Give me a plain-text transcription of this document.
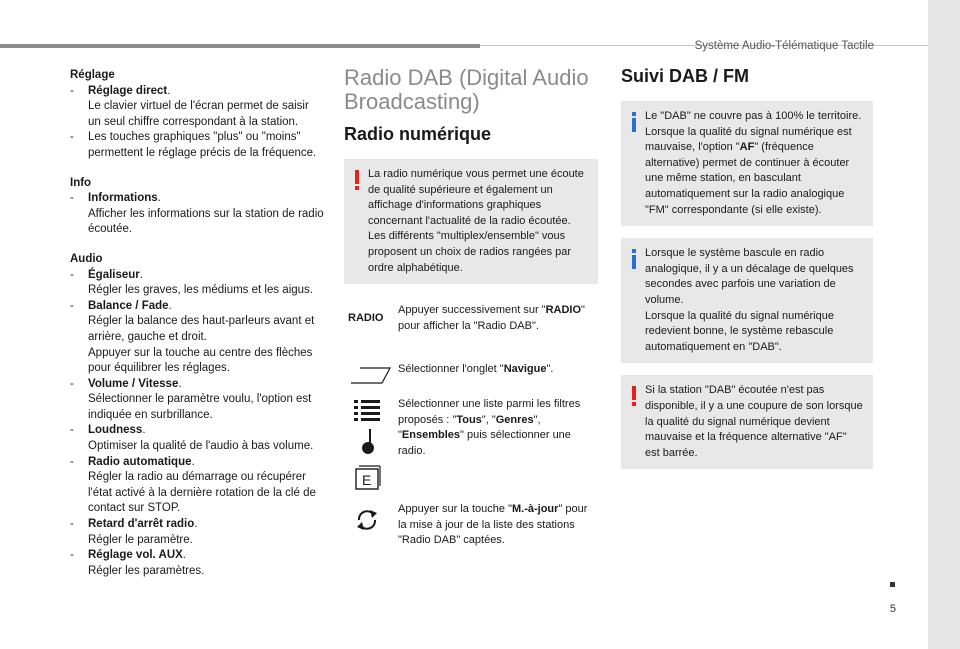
Système Audio-Télématique Tactile
5
Réglage
- Réglage direct.
Le clavier virtuel de l'écran permet de saisir un seul chiffre correspondant à la station.
- Les touches graphiques "plus" ou "moins" permettent le réglage précis de la fréquence.
Info
- Informations.
Afficher les informations sur la station de radio écoutée.
Audio
- Égaliseur.
Régler les graves, les médiums et les aigus.
- Balance / Fade.
Régler la balance des haut-parleurs avant et arrière, gauche et droit.
Appuyer sur la touche au centre des flèches pour équilibrer les réglages.
- Volume / Vitesse.
Sélectionner le paramètre voulu, l'option est indiquée en surbrillance.
- Loudness.
Optimiser la qualité de l'audio à bas volume.
- Radio automatique.
Régler la radio au démarrage ou récupérer l'état activé à la dernière rotation de la clé de contact sur STOP.
- Retard d'arrêt radio.
Régler le paramètre.
- Réglage vol. AUX.
Régler les paramètres.
Radio DAB (Digital Audio Broadcasting)
Radio numérique
La radio numérique vous permet une écoute de qualité supérieure et également un affichage d'informations graphiques concernant l'actualité de la radio écoutée. Les différents "multiplex/ensemble" vous proposent un choix de radios rangées par ordre alphabétique.
RADIO
Appuyer successivement sur "RADIO" pour afficher la "Radio DAB".
Sélectionner l'onglet "Navigue".
E
Sélectionner une liste parmi les filtres proposés : "Tous", "Genres", "Ensembles" puis sélectionner une radio.
Appuyer sur la touche "M.-à-jour" pour la mise à jour de la liste des stations "Radio DAB" captées.
Suivi DAB / FM
Le "DAB" ne couvre pas à 100% le territoire.
Lorsque la qualité du signal numérique est mauvaise, l'option "AF" (fréquence alternative) permet de continuer à écouter une même station, en basculant automatiquement sur la radio analogique "FM" correspondante (si elle existe).
Lorsque le système bascule en radio analogique, il y a un décalage de quelques secondes avec parfois une variation de volume.
Lorsque la qualité du signal numérique redevient bonne, le système rebascule automatiquement en "DAB".
Si la station "DAB" écoutée n'est pas disponible, il y a une coupure de son lorsque la qualité du signal numérique devient mauvaise et la fréquence alternative "AF" est barrée.
